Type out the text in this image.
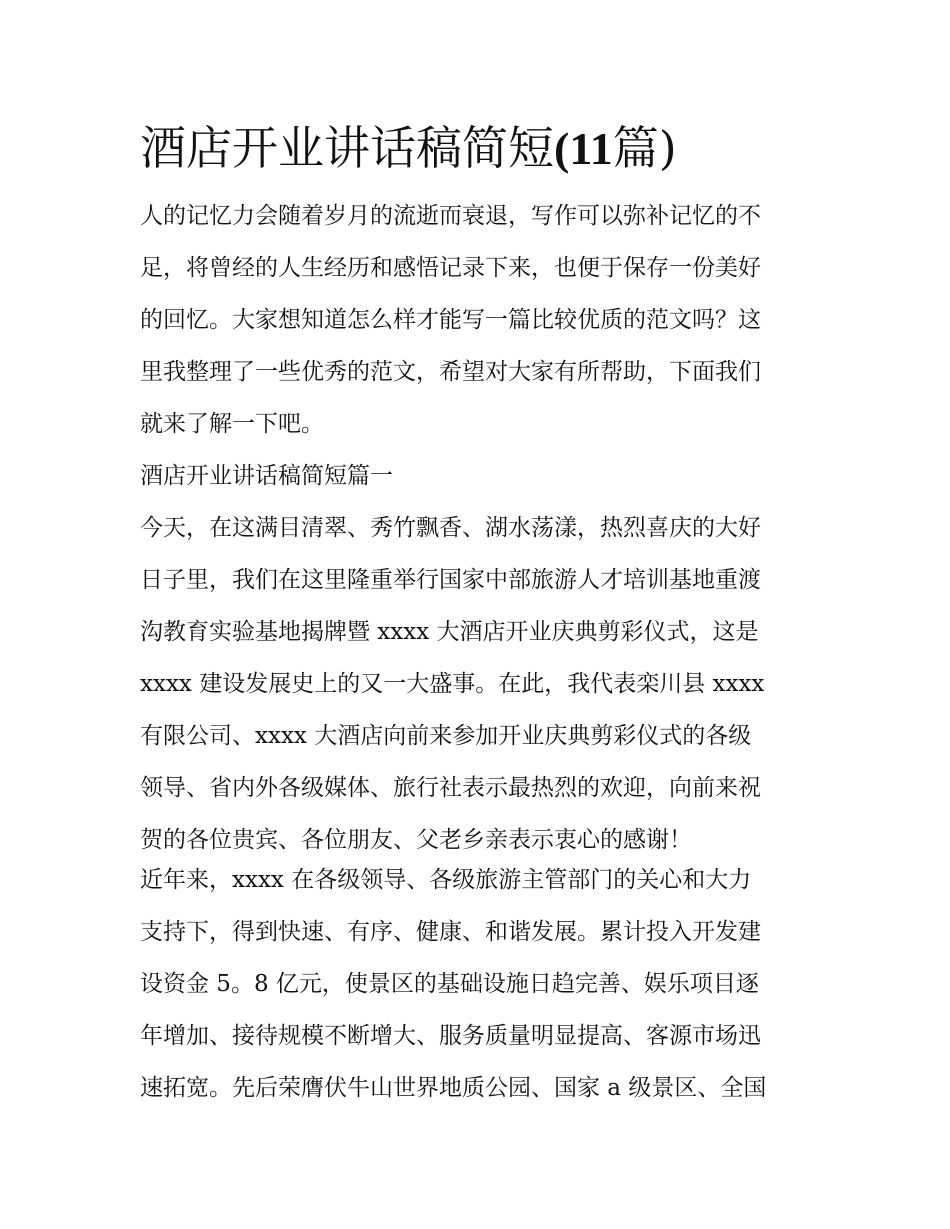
酒店开业讲话稿简短(11篇)
人的记忆力会随着岁月的流逝而衰退，写作可以弥补记忆的不
足，将曾经的人生经历和感悟记录下来，也便于保存一份美好
的回忆。大家想知道怎么样才能写一篇比较优质的范文吗？这
里我整理了一些优秀的范文，希望对大家有所帮助，下面我们
就来了解一下吧。
酒店开业讲话稿简短篇一
今天，在这满目清翠、秀竹飘香、湖水荡漾，热烈喜庆的大好
日子里，我们在这里隆重举行国家中部旅游人才培训基地重渡
沟教育实验基地揭牌暨 xxxx 大酒店开业庆典剪彩仪式，这是
xxxx 建设发展史上的又一大盛事。在此，我代表栾川县 xxxx
有限公司、xxxx 大酒店向前来参加开业庆典剪彩仪式的各级
领导、省内外各级媒体、旅行社表示最热烈的欢迎，向前来祝
贺的各位贵宾、各位朋友、父老乡亲表示衷心的感谢！
近年来，xxxx 在各级领导、各级旅游主管部门的关心和大力
支持下，得到快速、有序、健康、和谐发展。累计投入开发建
设资金 5。8 亿元，使景区的基础设施日趋完善、娱乐项目逐
年增加、接待规模不断增大、服务质量明显提高、客源市场迅
速拓宽。先后荣膺伏牛山世界地质公园、国家 a 级景区、全国
